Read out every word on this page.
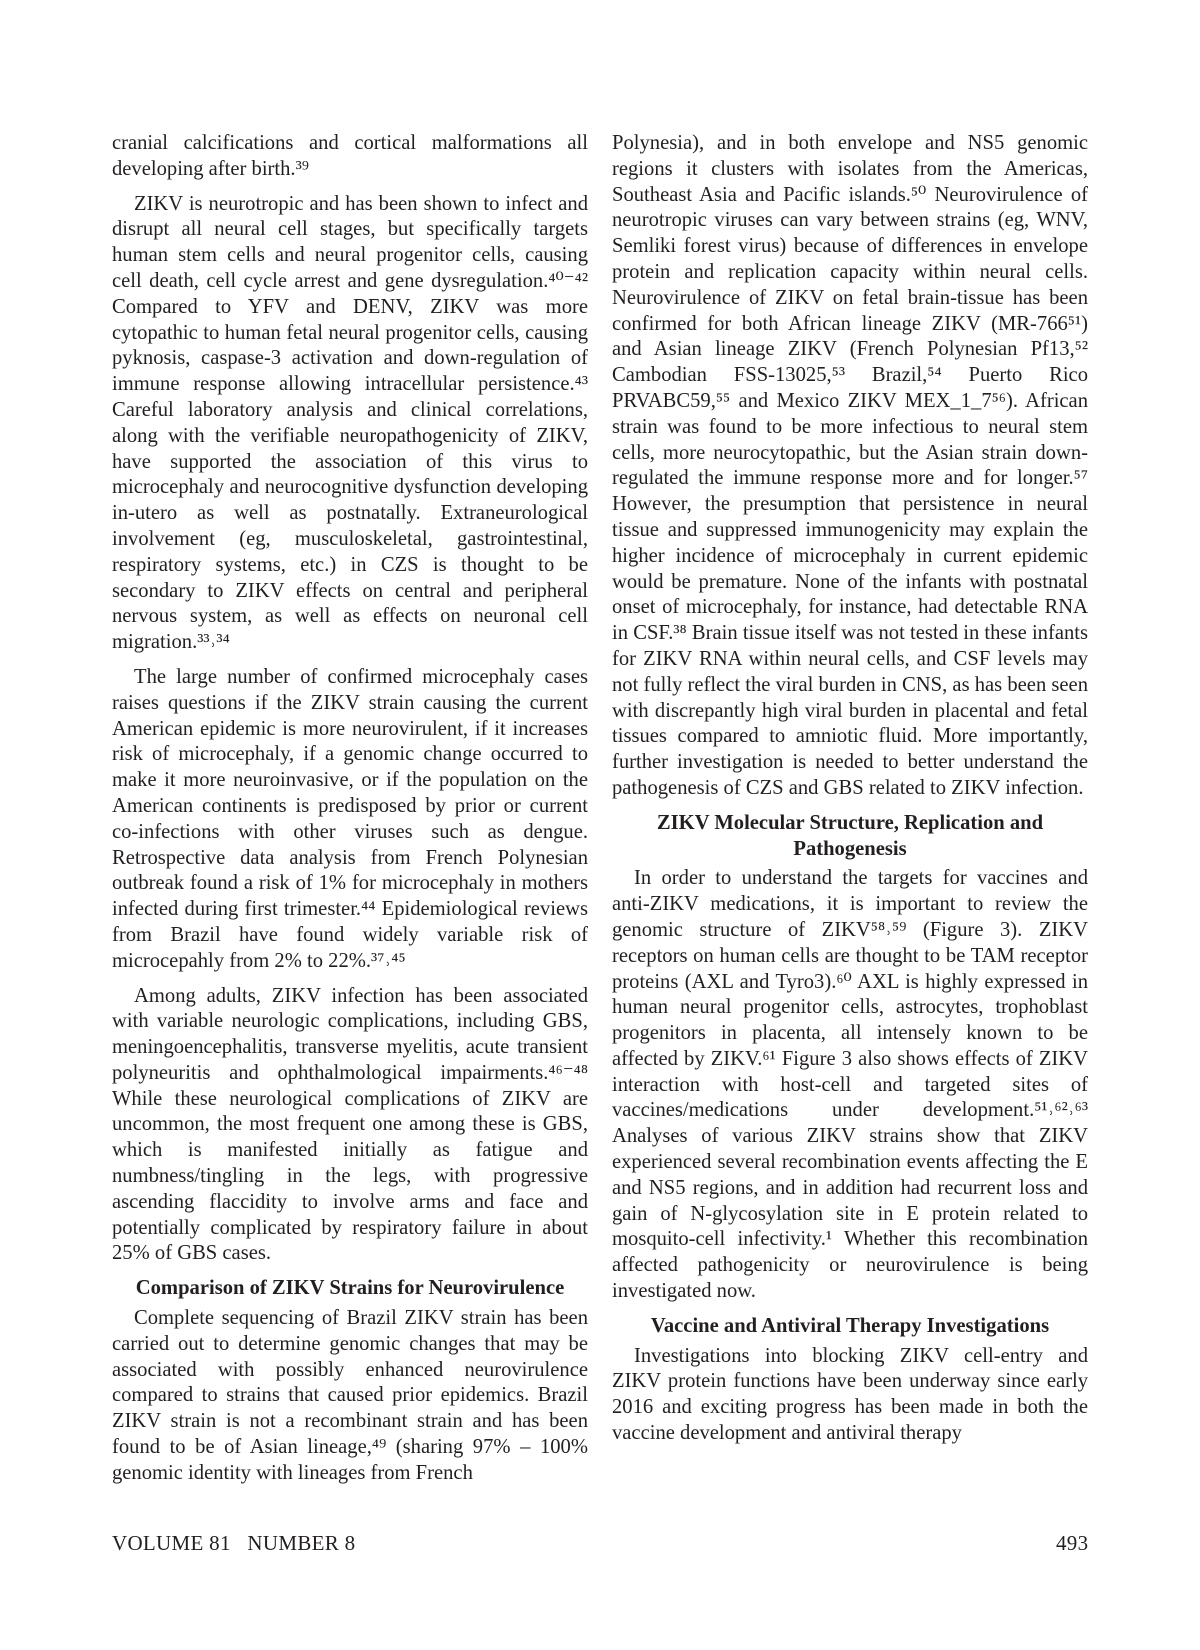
cranial calcifications and cortical malformations all developing after birth.³⁹

ZIKV is neurotropic and has been shown to infect and disrupt all neural cell stages, but specifically targets human stem cells and neural progenitor cells, causing cell death, cell cycle arrest and gene dysregulation.⁴⁰⁻⁴² Compared to YFV and DENV, ZIKV was more cytopathic to human fetal neural progenitor cells, causing pyknosis, caspase-3 activation and down-regulation of immune response allowing intracellular persistence.⁴³ Careful laboratory analysis and clinical correlations, along with the verifiable neuropathogenicity of ZIKV, have supported the association of this virus to microcephaly and neurocognitive dysfunction developing in-utero as well as postnatally. Extraneurological involvement (eg, musculoskeletal, gastrointestinal, respiratory systems, etc.) in CZS is thought to be secondary to ZIKV effects on central and peripheral nervous system, as well as effects on neuronal cell migration.³³˒³⁴

The large number of confirmed microcephaly cases raises questions if the ZIKV strain causing the current American epidemic is more neurovirulent, if it increases risk of microcephaly, if a genomic change occurred to make it more neuroinvasive, or if the population on the American continents is predisposed by prior or current co-infections with other viruses such as dengue. Retrospective data analysis from French Polynesian outbreak found a risk of 1% for microcephaly in mothers infected during first trimester.⁴⁴ Epidemiological reviews from Brazil have found widely variable risk of microcepahly from 2% to 22%.³⁷˒⁴⁵

Among adults, ZIKV infection has been associated with variable neurologic complications, including GBS, meningoencephalitis, transverse myelitis, acute transient polyneuritis and ophthalmological impairments.⁴⁶⁻⁴⁸ While these neurological complications of ZIKV are uncommon, the most frequent one among these is GBS, which is manifested initially as fatigue and numbness/tingling in the legs, with progressive ascending flaccidity to involve arms and face and potentially complicated by respiratory failure in about 25% of GBS cases.

Comparison of ZIKV Strains for Neurovirulence

Complete sequencing of Brazil ZIKV strain has been carried out to determine genomic changes that may be associated with possibly enhanced neurovirulence compared to strains that caused prior epidemics. Brazil ZIKV strain is not a recombinant strain and has been found to be of Asian lineage,⁴⁹ (sharing 97% – 100% genomic identity with lineages from French

Polynesia), and in both envelope and NS5 genomic regions it clusters with isolates from the Americas, Southeast Asia and Pacific islands.⁵⁰ Neurovirulence of neurotropic viruses can vary between strains (eg, WNV, Semliki forest virus) because of differences in envelope protein and replication capacity within neural cells. Neurovirulence of ZIKV on fetal brain-tissue has been confirmed for both African lineage ZIKV (MR-766⁵¹) and Asian lineage ZIKV (French Polynesian Pf13,⁵² Cambodian FSS-13025,⁵³ Brazil,⁵⁴ Puerto Rico PRVABC59,⁵⁵ and Mexico ZIKV MEX_1_7⁵⁶). African strain was found to be more infectious to neural stem cells, more neurocytopathic, but the Asian strain down-regulated the immune response more and for longer.⁵⁷ However, the presumption that persistence in neural tissue and suppressed immunogenicity may explain the higher incidence of microcephaly in current epidemic would be premature. None of the infants with postnatal onset of microcephaly, for instance, had detectable RNA in CSF.³⁸ Brain tissue itself was not tested in these infants for ZIKV RNA within neural cells, and CSF levels may not fully reflect the viral burden in CNS, as has been seen with discrepantly high viral burden in placental and fetal tissues compared to amniotic fluid. More importantly, further investigation is needed to better understand the pathogenesis of CZS and GBS related to ZIKV infection.

ZIKV Molecular Structure, Replication and Pathogenesis

In order to understand the targets for vaccines and anti-ZIKV medications, it is important to review the genomic structure of ZIKV⁵⁸˒⁵⁹ (Figure 3). ZIKV receptors on human cells are thought to be TAM receptor proteins (AXL and Tyro3).⁶⁰ AXL is highly expressed in human neural progenitor cells, astrocytes, trophoblast progenitors in placenta, all intensely known to be affected by ZIKV.⁶¹ Figure 3 also shows effects of ZIKV interaction with host-cell and targeted sites of vaccines/medications under development.⁵¹˒⁶²˒⁶³ Analyses of various ZIKV strains show that ZIKV experienced several recombination events affecting the E and NS5 regions, and in addition had recurrent loss and gain of N-glycosylation site in E protein related to mosquito-cell infectivity.¹ Whether this recombination affected pathogenicity or neurovirulence is being investigated now.

Vaccine and Antiviral Therapy Investigations

Investigations into blocking ZIKV cell-entry and ZIKV protein functions have been underway since early 2016 and exciting progress has been made in both the vaccine development and antiviral therapy

VOLUME 81   NUMBER 8	493
